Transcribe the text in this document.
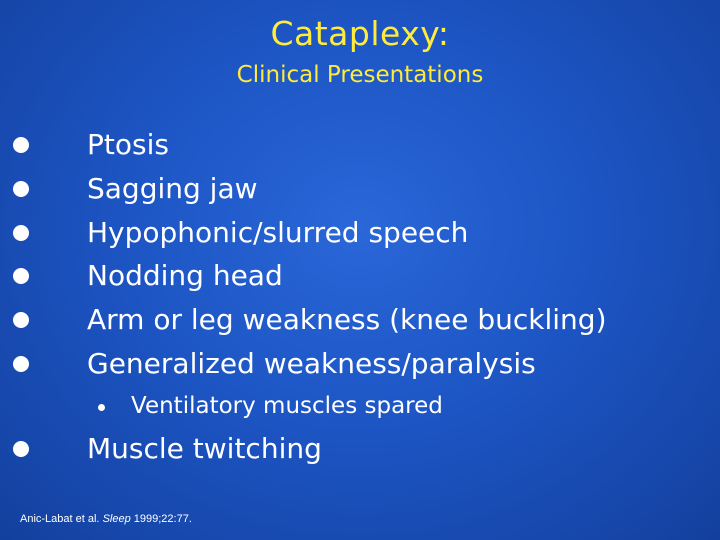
Cataplexy:
Clinical Presentations
Ptosis
Sagging jaw
Hypophonic/slurred speech
Nodding head
Arm or leg weakness (knee buckling)
Generalized weakness/paralysis
Ventilatory muscles spared
Muscle twitching
Anic-Labat et al. Sleep 1999;22:77.
